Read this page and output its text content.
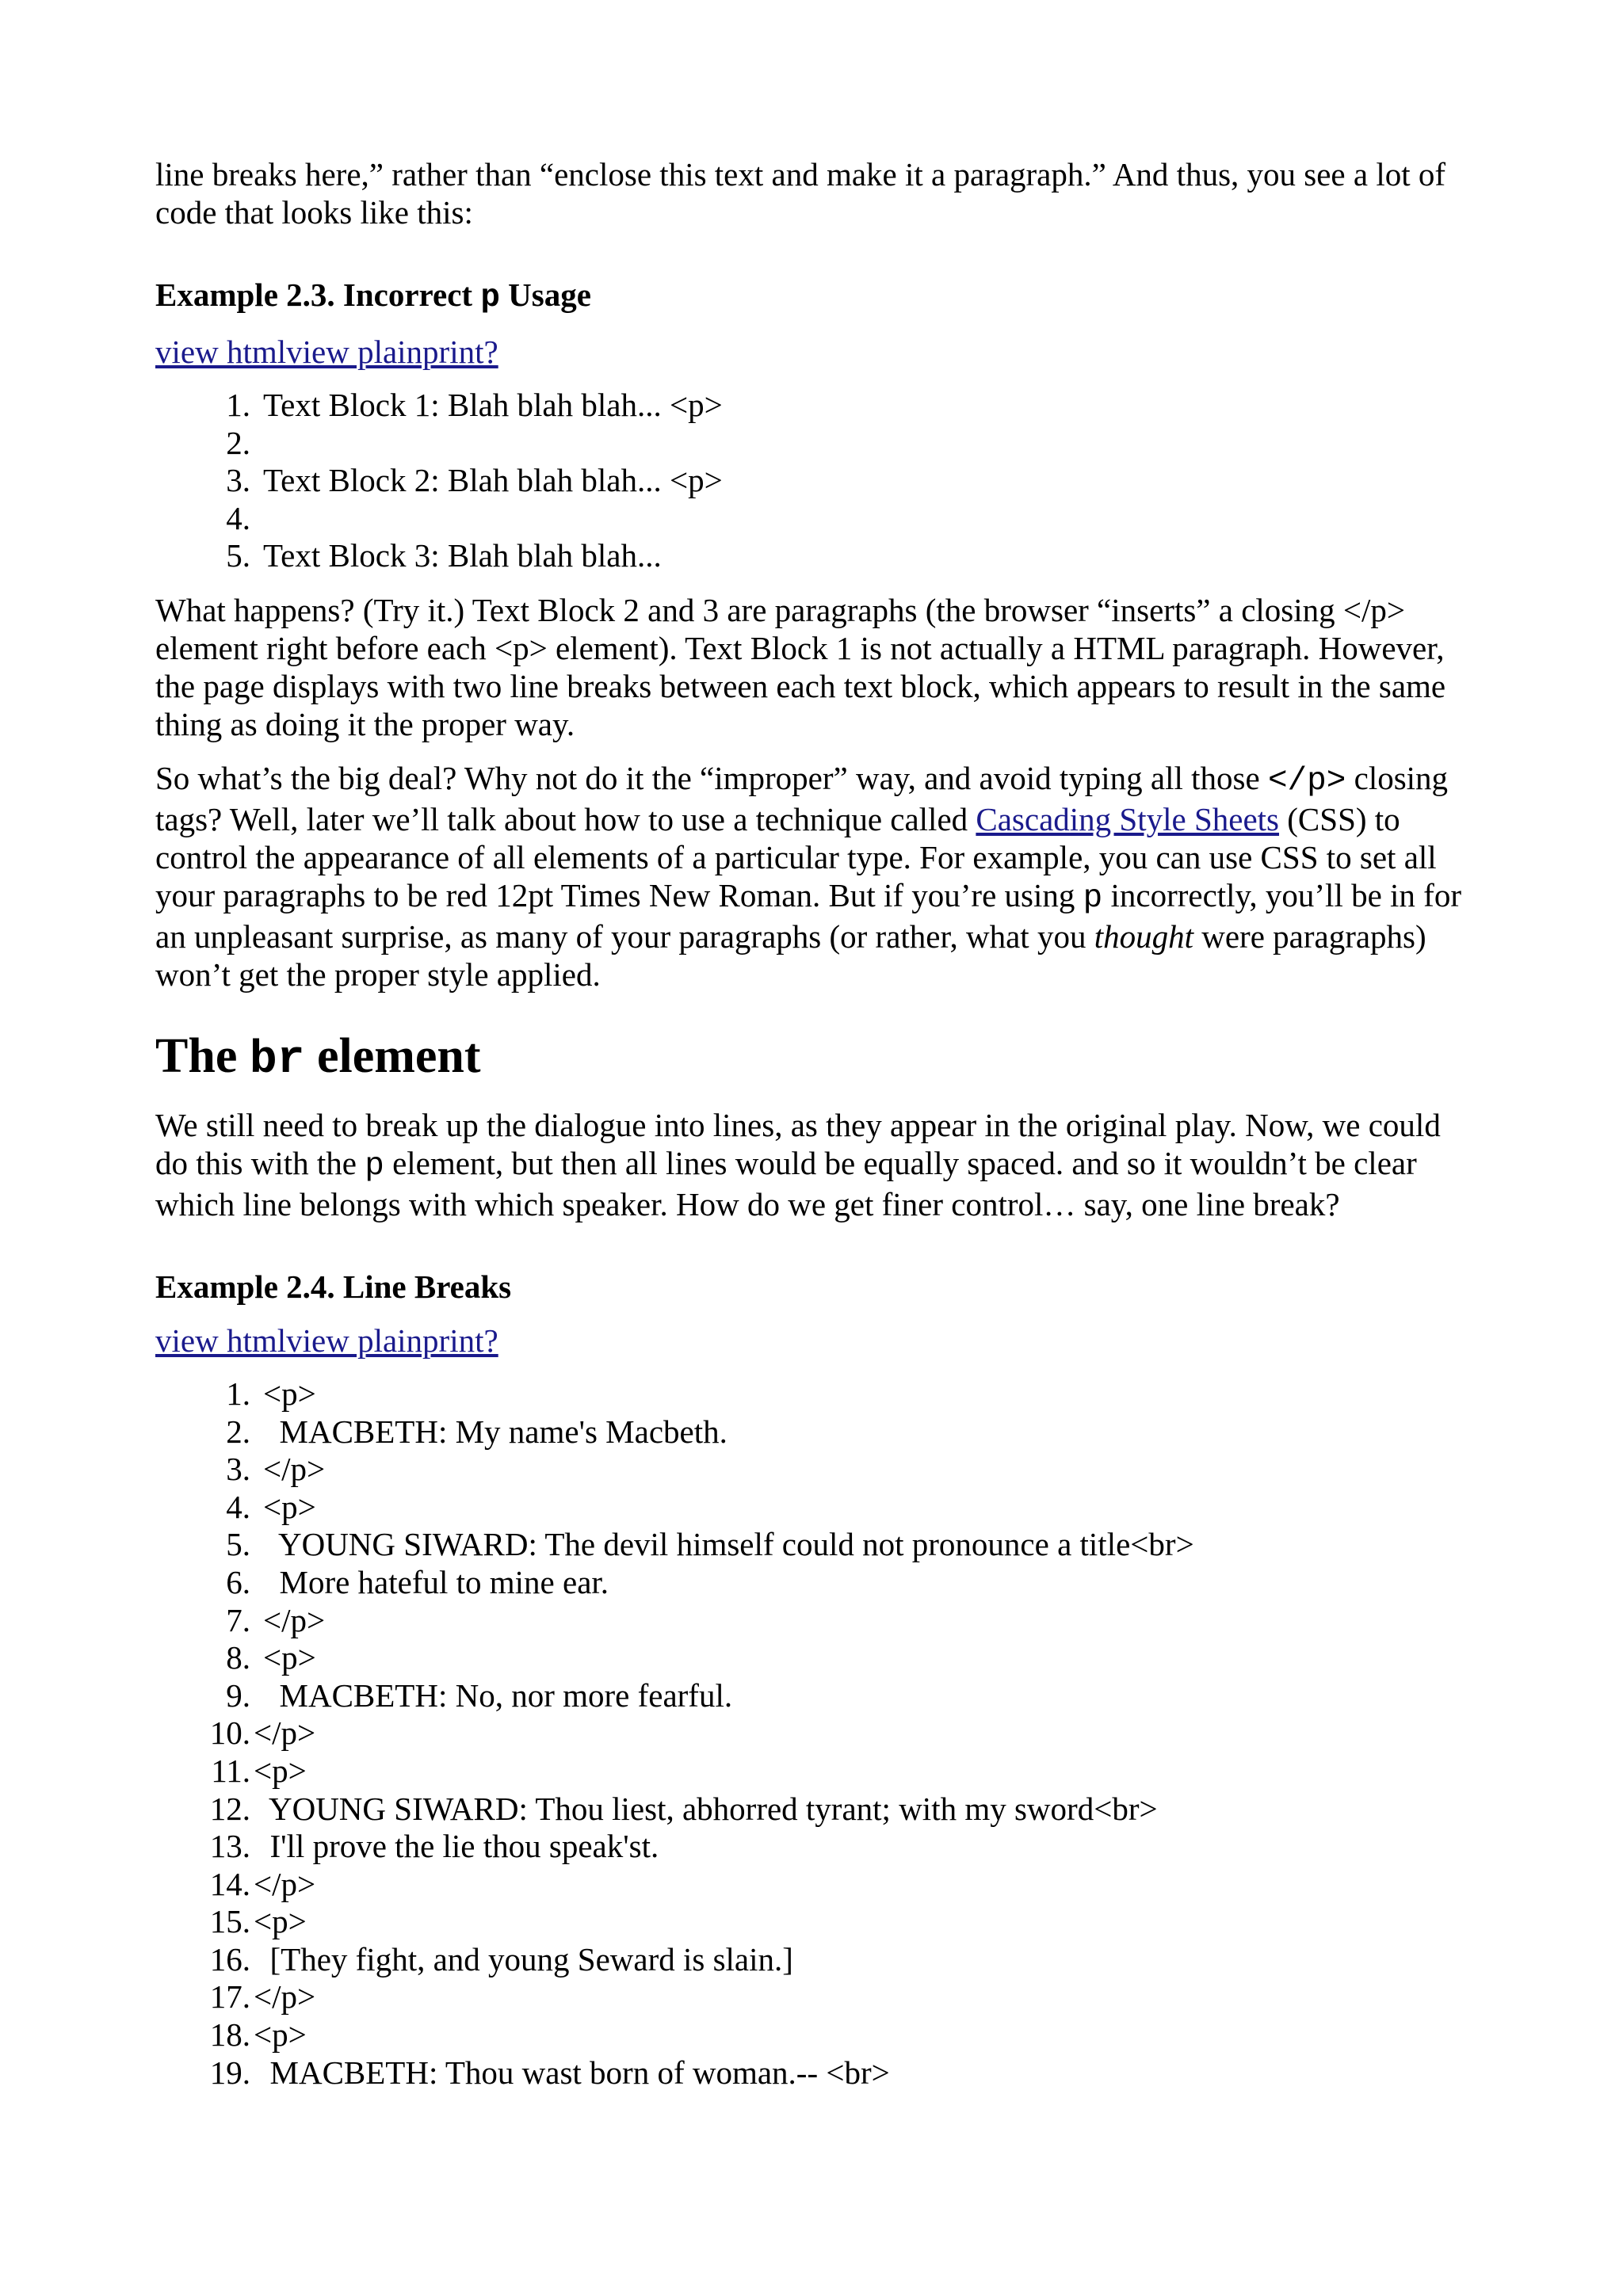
line breaks here,” rather than “enclose this text and make it a paragraph.” And thus, you see a lot of code that looks like this:

Example 2.3. Incorrect p Usage
view htmlview plainprint?
1. Text Block 1: Blah blah blah... <p>
2.
3. Text Block 2: Blah blah blah... <p>
4.
5. Text Block 3: Blah blah blah...

What happens? (Try it.) Text Block 2 and 3 are paragraphs (the browser “inserts” a closing </p> element right before each <p> element). Text Block 1 is not actually a HTML paragraph. However, the page displays with two line breaks between each text block, which appears to result in the same thing as doing it the proper way.

So what’s the big deal? Why not do it the “improper” way, and avoid typing all those </p> closing tags? Well, later we’ll talk about how to use a technique called Cascading Style Sheets (CSS) to control the appearance of all elements of a particular type. For example, you can use CSS to set all your paragraphs to be red 12pt Times New Roman. But if you’re using p incorrectly, you’ll be in for an unpleasant surprise, as many of your paragraphs (or rather, what you thought were paragraphs) won’t get the proper style applied.

The br element

We still need to break up the dialogue into lines, as they appear in the original play. Now, we could do this with the p element, but then all lines would be equally spaced. and so it wouldn’t be clear which line belongs with which speaker. How do we get finer control… say, one line break?

Example 2.4. Line Breaks
view htmlview plainprint?
1. <p>
2. MACBETH: My name's Macbeth.
3. </p>
4. <p>
5. YOUNG SIWARD: The devil himself could not pronounce a title<br>
6. More hateful to mine ear.
7. </p>
8. <p>
9. MACBETH: No, nor more fearful.
10. </p>
11. <p>
12. YOUNG SIWARD: Thou liest, abhorred tyrant; with my sword<br>
13. I'll prove the lie thou speak'st.
14. </p>
15. <p>
16. [They fight, and young Seward is slain.]
17. </p>
18. <p>
19. MACBETH: Thou wast born of woman.-- <br>
